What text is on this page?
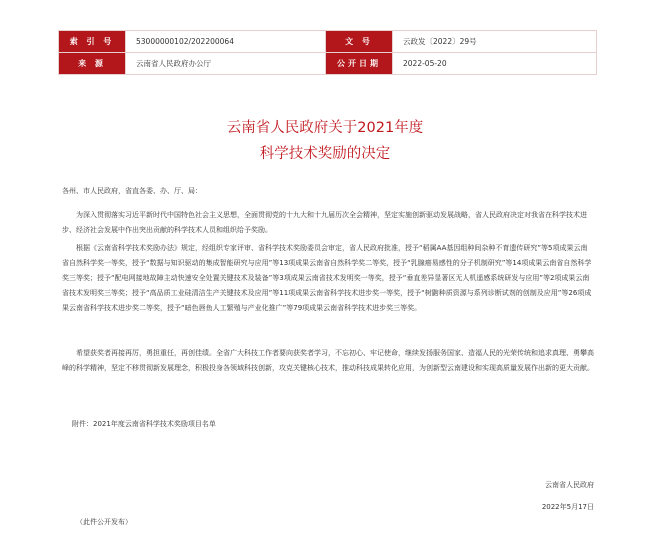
索 引 号	53000000102/202200064	文 号	云政发〔2022〕29号
来 源	云南省人民政府办公厅	公开日期	2022-05-20
云南省人民政府关于2021年度
科学技术奖励的决定

各州、市人民政府，省直各委、办、厅、局：

为深入贯彻落实习近平新时代中国特色社会主义思想，全面贯彻党的十九大和十九届历次全会精神，坚定实施创新驱动发展战略，省人民政府决定对我省在科学技术进步、经济社会发展中作出突出贡献的科学技术人员和组织给予奖励。

根据《云南省科学技术奖励办法》规定，经组织专家评审、省科学技术奖励委员会审定，省人民政府批准，授予“稻属AA基因组种间杂种不育遗传研究”等5项成果云南省自然科学奖一等奖，授予“数据与知识驱动的集成智能研究与应用”等13项成果云南省自然科学奖二等奖，授予“乳腺癌易感性的分子机制研究”等14项成果云南省自然科学奖三等奖；授予“配电网接地故障主动快速安全处置关键技术及装备”等3项成果云南省技术发明奖一等奖，授予“垂直差异显著区无人机遥感系统研发与应用”等2项成果云南省技术发明奖三等奖；授予“高品质工业硅清洁生产关键技术及应用”等11项成果云南省科学技术进步奖一等奖，授予“树鼩种质资源与系列诊断试剂的创制及应用”等26项成果云南省科学技术进步奖二等奖，授予“暗色唇鱼人工繁殖与产业化推广”等79项成果云南省科学技术进步奖三等奖。

希望获奖者再接再厉，勇担重任，再创佳绩。全省广大科技工作者要向获奖者学习，不忘初心、牢记使命，继续发扬服务国家、造福人民的光荣传统和追求真理、勇攀高峰的科学精神，坚定不移贯彻新发展理念，积极投身各领域科技创新，攻克关键核心技术，推动科技成果转化应用，为创新型云南建设和实现高质量发展作出新的更大贡献。

附件：2021年度云南省科学技术奖励项目名单

云南省人民政府

2022年5月17日

（此件公开发布）
